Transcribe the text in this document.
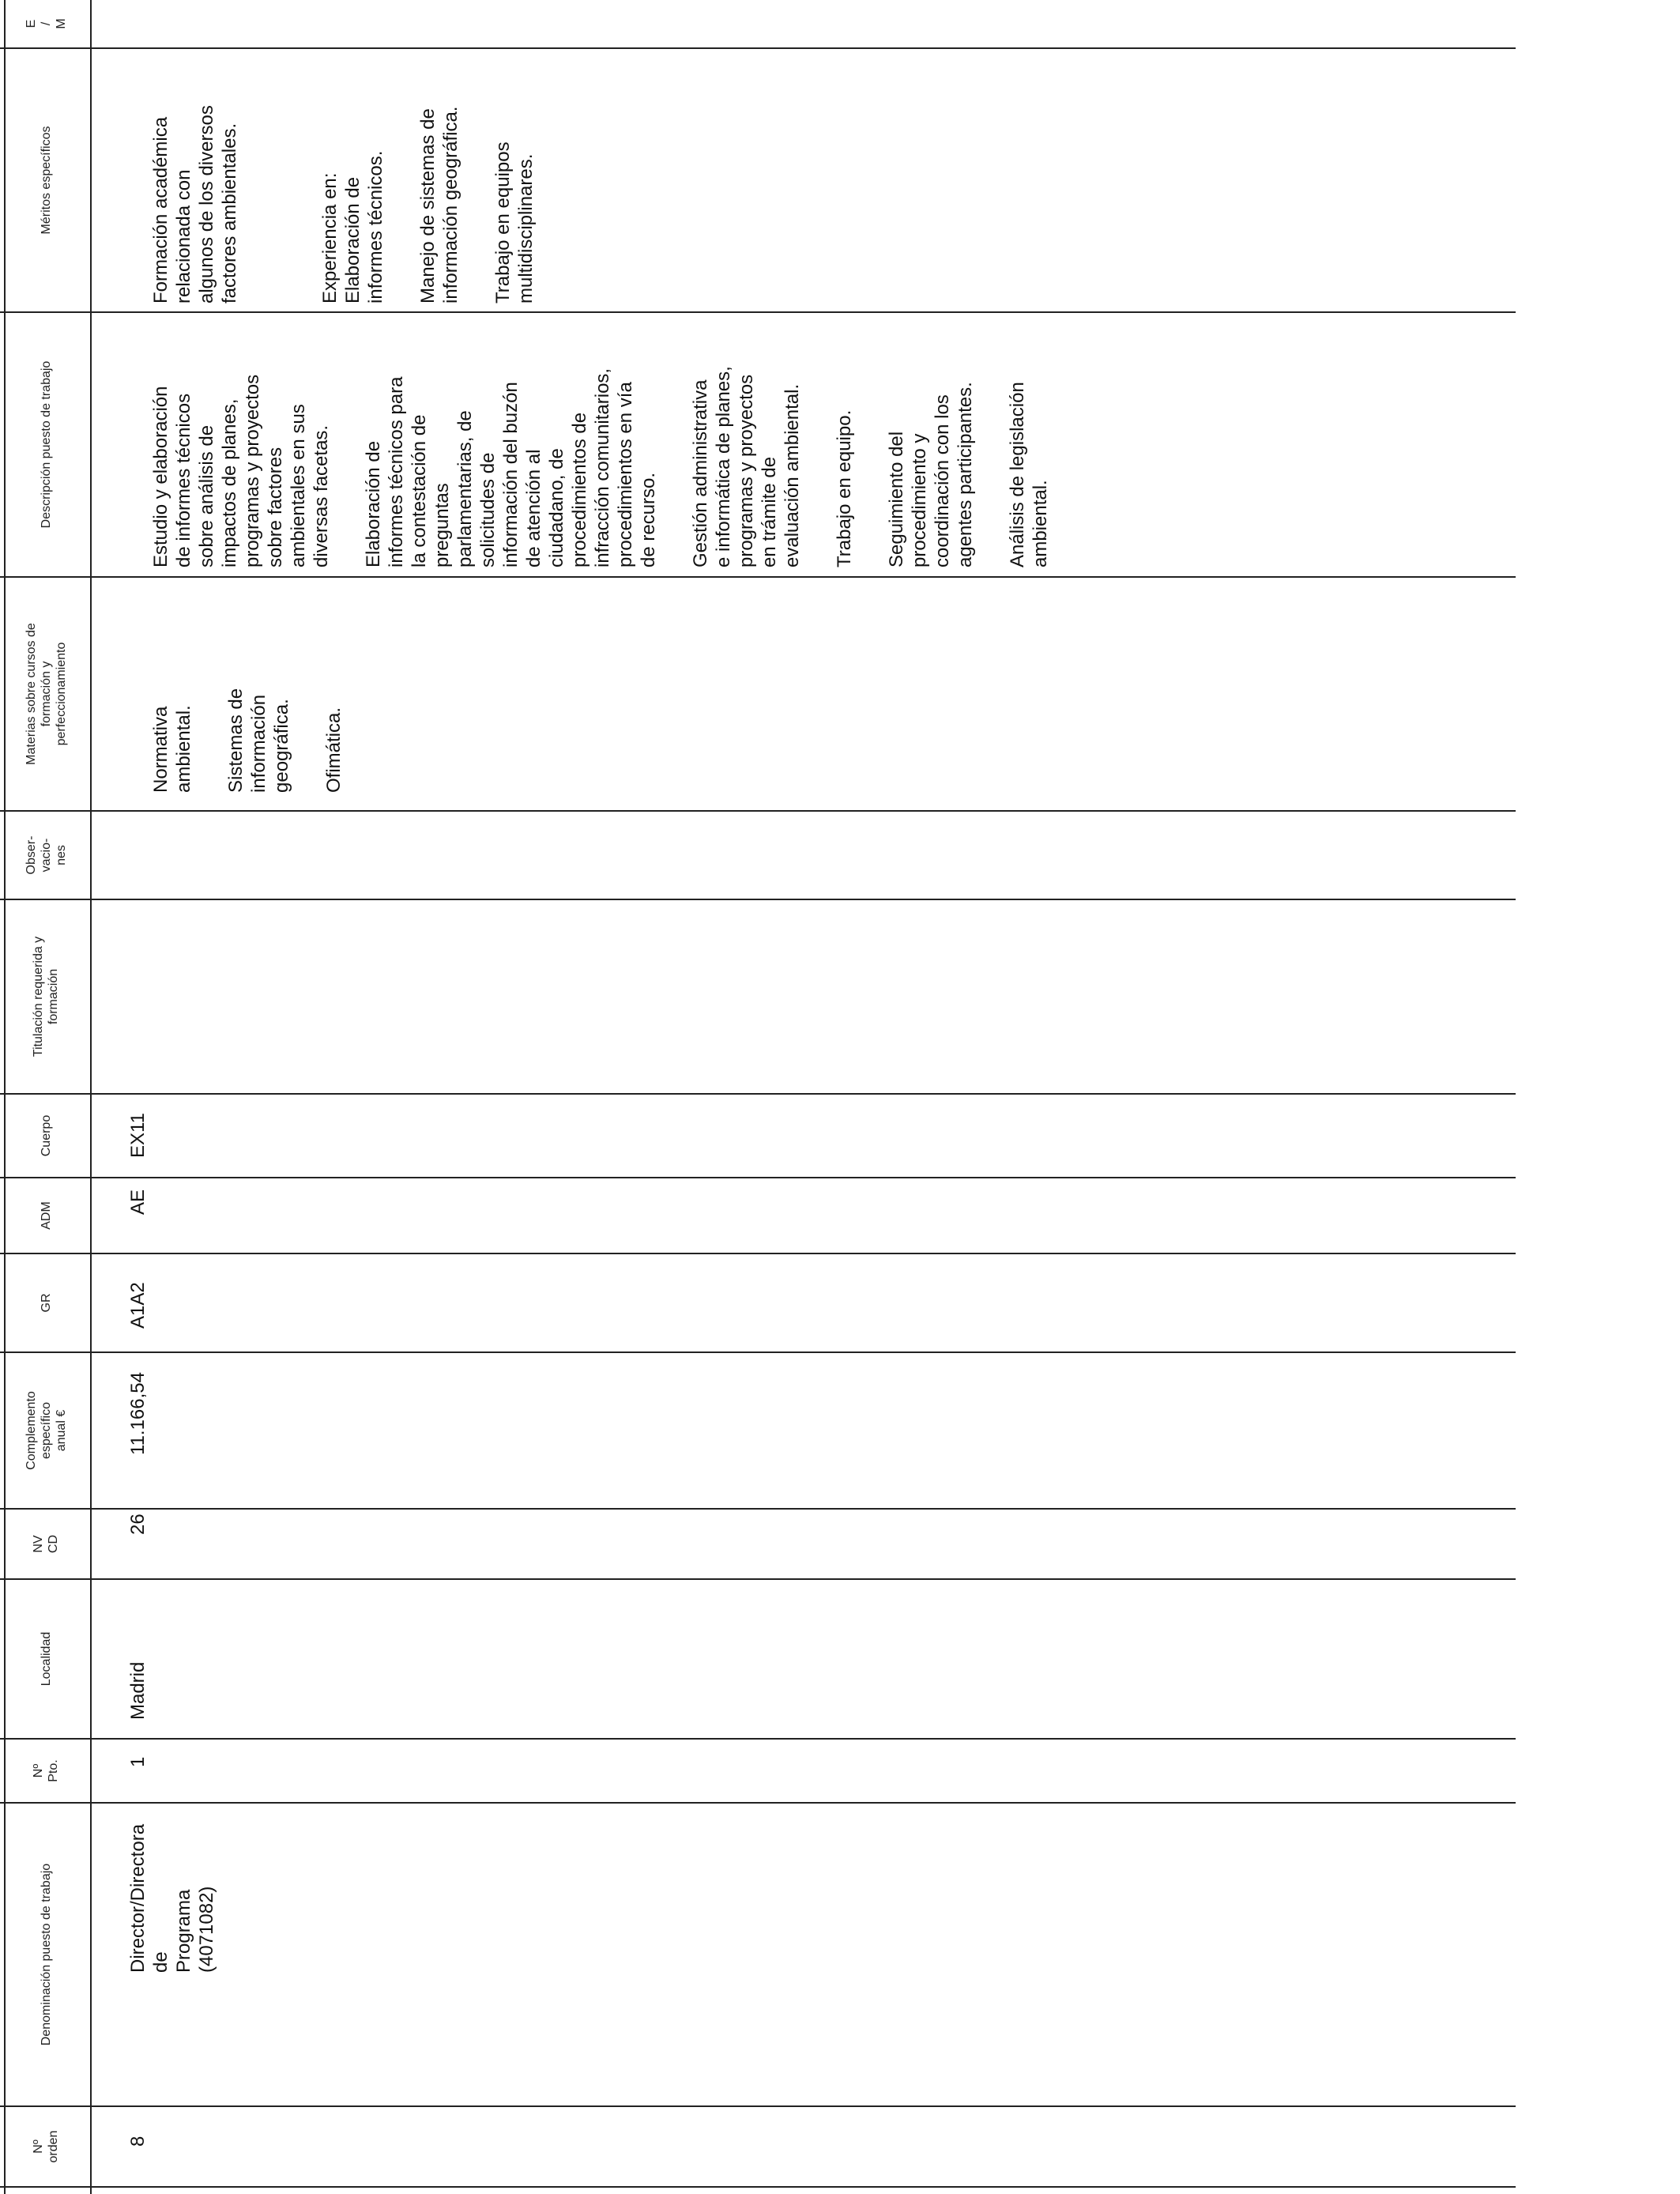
Nº
orden
Denominación puesto de trabajo
Nº
Pto.
Localidad
NV
CD
Complemento
específico
anual €
GR
ADM
Cuerpo
Titulación requerida y
formación
Obser-
vacio-
nes
Materias sobre cursos de
formación y
perfeccionamiento
Descripción puesto de trabajo
Méritos específicos
E
/
M
8
Director/Directora de
Programa (4071082)
1
Madrid
26
11.166,54
A1A2
AE
EX11

Normativa
ambiental. Sistemas de
información
geográfica. Ofimática.

Estudio y elaboración
de informes técnicos
sobre análisis de
impactos de planes,
programas y proyectos
sobre factores
ambientales en sus
diversas facetas.

Elaboración de
informes técnicos para
la contestación de
preguntas
parlamentarias, de
solicitudes de
información del buzón
de atención al
ciudadano, de
procedimientos de
infracción comunitarios,
procedimientos en vía
de recurso. Gestión administrativa
e informática de planes,
programas y proyectos
en trámite de
evaluación ambiental. Trabajo en equipo. Seguimiento del
procedimiento y
coordinación con los
agentes participantes.

Análisis de legislación
ambiental.

Formación académica
relacionada con
algunos de los diversos
factores ambientales.

Experiencia en:
Elaboración de
informes técnicos.

Manejo de sistemas de
información geográfica.

Trabajo en equipos
multidisciplinares.
